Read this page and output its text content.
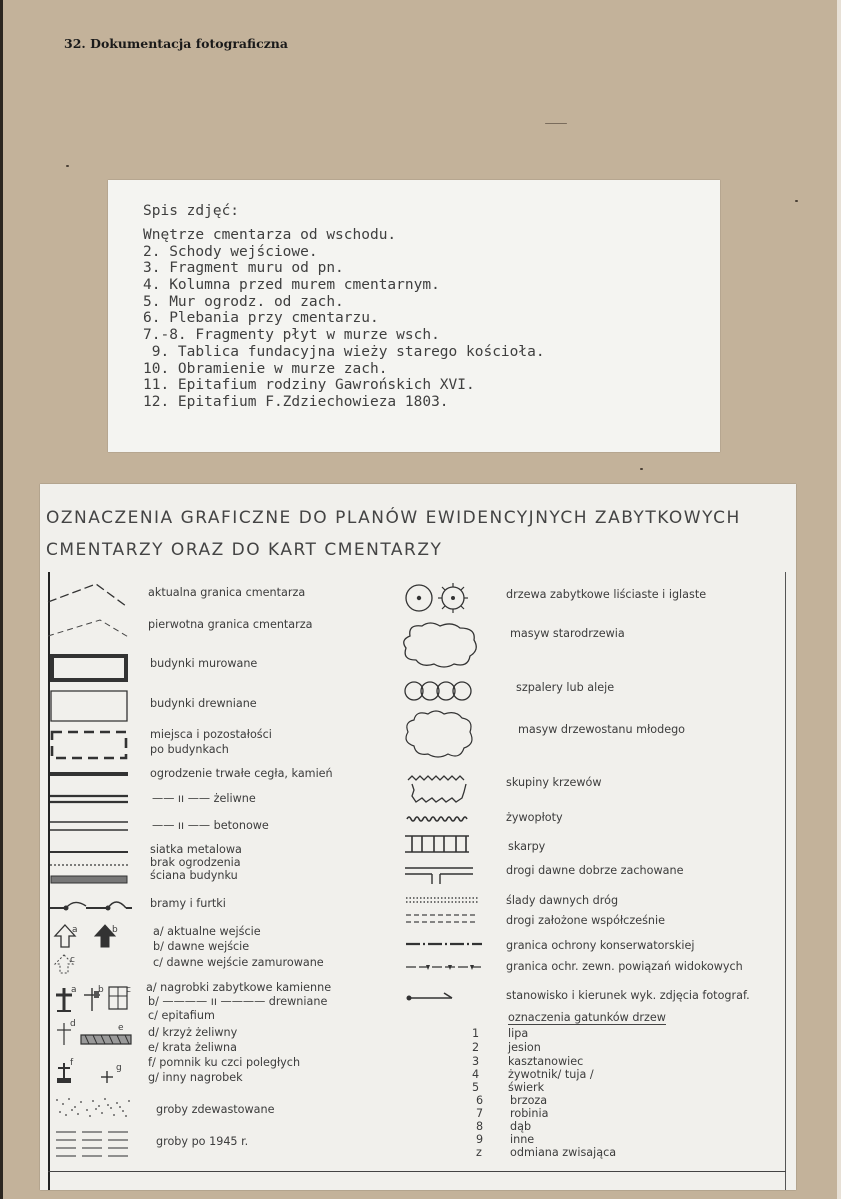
32. Dokumentacja fotograficzna
Spis zdjęć:
Wnętrze cmentarza od wschodu.
2. Schody wejściowe.
3. Fragment muru od pn.
4. Kolumna przed murem cmentarnym.
5. Mur ogrodz. od zach.
6. Plebania przy cmentarzu.
7.-8. Fragmenty płyt w murze wsch.
9. Tablica fundacyjna wieży starego kościoła.
10. Obramienie w murze zach.
11. Epitafium rodziny Gawrońskich XVI.
12. Epitafium F.Zdziechowieza 1803.
OZNACZENIA GRAFICZNE DO PLANÓW EWIDENCYJNYCH ZABYTKOWYCH
CMENTARZY ORAZ DO KART CMENTARZY
aktualna granica cmentarza
pierwotna granica cmentarza
budynki murowane
budynki drewniane
miejsca i pozostałości
po budynkach
ogrodzenie trwałe cegła, kamień
—— ıı —— żeliwne
—— ıı —— betonowe
siatka metalowa
brak ogrodzenia
ściana budynku
bramy i furtki
a	b
c
a/ aktualne wejście
b/ dawne wejście
c/ dawne wejście zamurowane
a b c
d	e
f	g
a/ nagrobki zabytkowe kamienne
b/ ———— ıı ———— drewniane
c/ epitafium
d/ krzyż żeliwny
e/ krata żeliwna
f/ pomnik ku czci poległych
g/ inny nagrobek
groby zdewastowane
groby po 1945 r.
drzewa zabytkowe liściaste i iglaste
masyw starodrzewia
szpalery lub aleje
masyw drzewostanu młodego
skupiny krzewów
żywopłoty
skarpy
drogi dawne dobrze zachowane
ślady dawnych dróg
drogi założone współcześnie
granica ochrony konserwatorskiej
granica ochr. zewn. powiązań widokowych
stanowisko i kierunek wyk. zdjęcia fotograf.
oznaczenia gatunków drzew
1	lipa
2	jesion
3	kasztanowiec
4	żywotnik/ tuja /
5	świerk
6 brzoza
7 robinia
8 dąb
9 inne
z	odmiana zwisająca
